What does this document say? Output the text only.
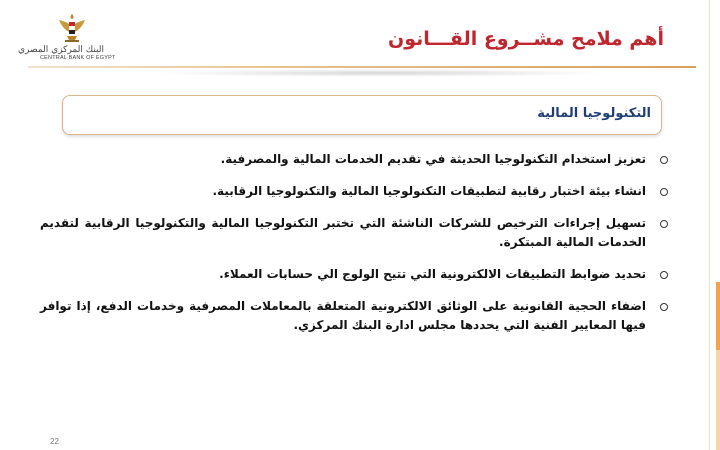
البنك المركزي المصري
CENTRAL BANK OF EGYPT
أهم ملامح مشــروع القـــانون
التكنولوجيا المالية
تعزيز استخدام التكنولوجيا الحديثة في تقديم الخدمات المالية والمصرفية.
انشاء بيئة اختبار رقابية لتطبيقات التكنولوجيا المالية والتكنولوجيا الرقابية.
تسهيل إجراءات الترخيص للشركات الناشئة التي تختبر التكنولوجيا المالية والتكنولوجيا الرقابية لتقديم الخدمات المالية المبتكرة.
تحديد ضوابط التطبيقات الالكترونية التي تتيح الولوج الي حسابات العملاء.
اضفاء الحجية القانونية على الوثائق الالكترونية المتعلقة بالمعاملات المصرفية وخدمات الدفع، إذا توافر فيها المعايير الفنية التي يحددها مجلس ادارة البنك المركزي.
22
